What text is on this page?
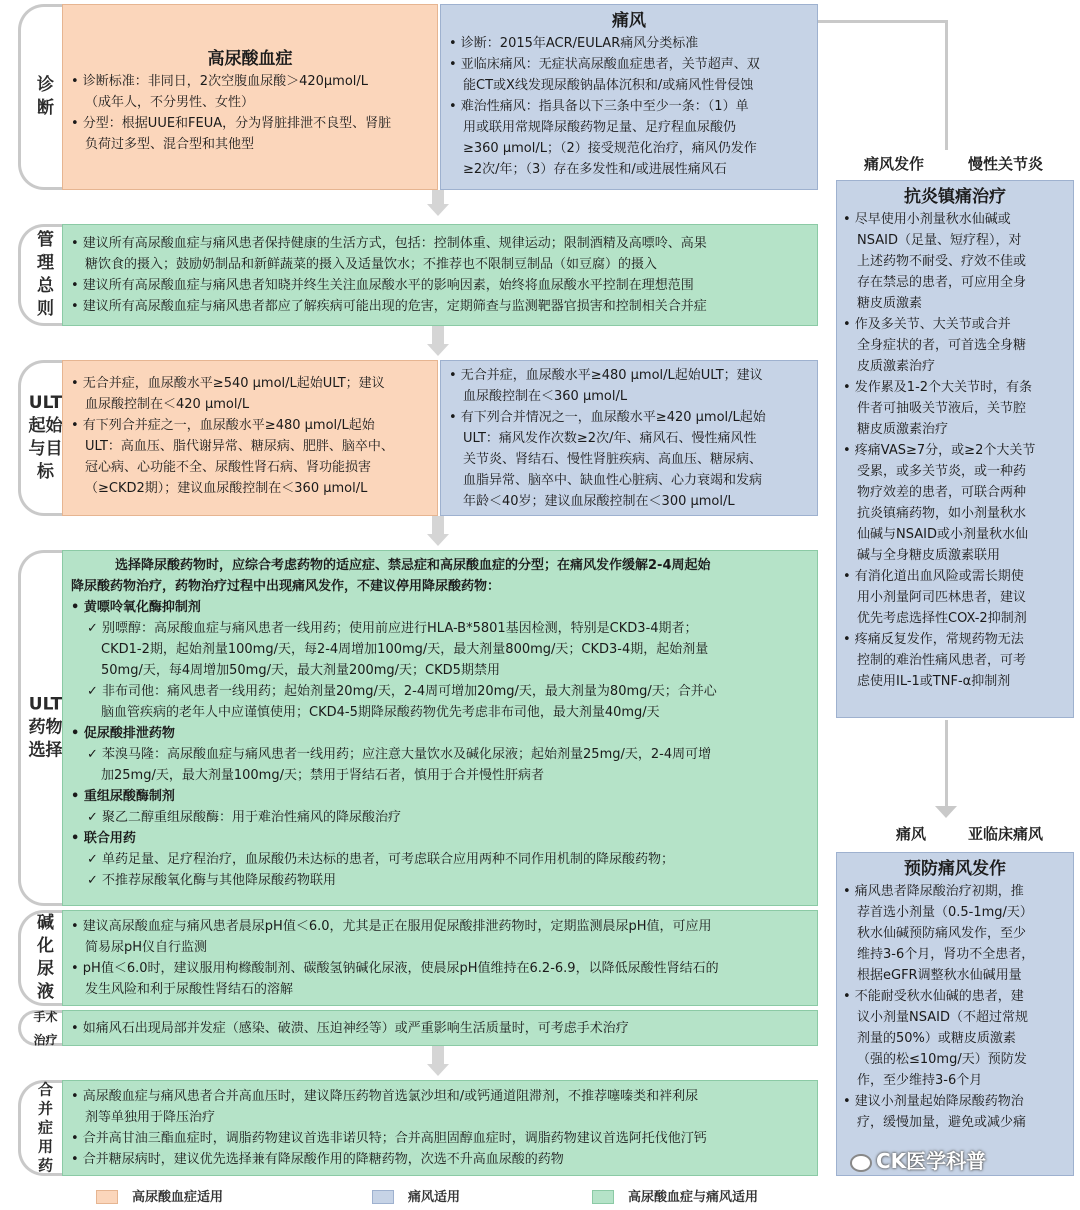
诊断
管理总则
ULT起始与目标
ULT药物选择
碱化尿液
手术治疗
合并症用药
高尿酸血症

• 诊断标准：非同日，2次空腹血尿酸＞420μmol/L

（成年人，不分男性、女性）

• 分型：根据UUE和FEUA，分为肾脏排泄不良型、肾脏

负荷过多型、混合型和其他型

痛风

• 诊断：2015年ACR/EULAR痛风分类标准

• 亚临床痛风：无症状高尿酸血症患者，关节超声、双

能CT或X线发现尿酸钠晶体沉积和/或痛风性骨侵蚀

• 难治性痛风：指具备以下三条中至少一条：（1）单

用或联用常规降尿酸药物足量、足疗程血尿酸仍

≥360 μmol/L；（2）接受规范化治疗，痛风仍发作

≥2次/年；（3）存在多发性和/或进展性痛风石

• 建议所有高尿酸血症与痛风患者保持健康的生活方式，包括：控制体重、规律运动；限制酒精及高嘌呤、高果

糖饮食的摄入；鼓励奶制品和新鲜蔬菜的摄入及适量饮水；不推荐也不限制豆制品（如豆腐）的摄入

• 建议所有高尿酸血症与痛风患者知晓并终生关注血尿酸水平的影响因素，始终将血尿酸水平控制在理想范围

• 建议所有高尿酸血症与痛风患者都应了解疾病可能出现的危害，定期筛查与监测靶器官损害和控制相关合并症

• 无合并症，血尿酸水平≥540 μmol/L起始ULT；建议

血尿酸控制在＜420 μmol/L

• 有下列合并症之一，血尿酸水平≥480 μmol/L起始

ULT：高血压、脂代谢异常、糖尿病、肥胖、脑卒中、

冠心病、心功能不全、尿酸性肾石病、肾功能损害

（≥CKD2期）；建议血尿酸控制在＜360 μmol/L

• 无合并症，血尿酸水平≥480 μmol/L起始ULT；建议

血尿酸控制在＜360 μmol/L

• 有下列合并情况之一，血尿酸水平≥420 μmol/L起始

ULT：痛风发作次数≥2次/年、痛风石、慢性痛风性

关节炎、肾结石、慢性肾脏疾病、高血压、糖尿病、

血脂异常、脑卒中、缺血性心脏病、心力衰竭和发病

年龄＜40岁；建议血尿酸控制在＜300 μmol/L

选择降尿酸药物时，应综合考虑药物的适应症、禁忌症和高尿酸血症的分型；在痛风发作缓解2-4周起始

降尿酸药物治疗，药物治疗过程中出现痛风发作，不建议停用降尿酸药物：

• 黄嘌呤氧化酶抑制剂

✓ 别嘌醇：高尿酸血症与痛风患者一线用药；使用前应进行HLA-B*5801基因检测，特别是CKD3-4期者；

CKD1-2期，起始剂量100mg/天，每2-4周增加100mg/天，最大剂量800mg/天；CKD3-4期，起始剂量

50mg/天，每4周增加50mg/天，最大剂量200mg/天；CKD5期禁用

✓ 非布司他：痛风患者一线用药；起始剂量20mg/天，2-4周可增加20mg/天，最大剂量为80mg/天；合并心

脑血管疾病的老年人中应谨慎使用；CKD4-5期降尿酸药物优先考虑非布司他，最大剂量40mg/天

• 促尿酸排泄药物

✓ 苯溴马隆：高尿酸血症与痛风患者一线用药；应注意大量饮水及碱化尿液；起始剂量25mg/天，2-4周可增

加25mg/天，最大剂量100mg/天；禁用于肾结石者，慎用于合并慢性肝病者

• 重组尿酸酶制剂

✓ 聚乙二醇重组尿酸酶：用于难治性痛风的降尿酸治疗

• 联合用药

✓ 单药足量、足疗程治疗，血尿酸仍未达标的患者，可考虑联合应用两种不同作用机制的降尿酸药物；

✓ 不推荐尿酸氧化酶与其他降尿酸药物联用

• 建议高尿酸血症与痛风患者晨尿pH值＜6.0，尤其是正在服用促尿酸排泄药物时，定期监测晨尿pH值，可应用

简易尿pH仪自行监测

• pH值＜6.0时，建议服用枸橼酸制剂、碳酸氢钠碱化尿液，使晨尿pH值维持在6.2-6.9，以降低尿酸性肾结石的

发生风险和利于尿酸性肾结石的溶解

• 如痛风石出现局部并发症（感染、破溃、压迫神经等）或严重影响生活质量时，可考虑手术治疗

• 高尿酸血症与痛风患者合并高血压时，建议降压药物首选氯沙坦和/或钙通道阻滞剂，不推荐噻嗪类和袢利尿

剂等单独用于降压治疗

• 合并高甘油三酯血症时，调脂药物建议首选非诺贝特；合并高胆固醇血症时，调脂药物建议首选阿托伐他汀钙

• 合并糖尿病时，建议优先选择兼有降尿酸作用的降糖药物，次选不升高血尿酸的药物

痛风发作	慢性关节炎
痛风	亚临床痛风
抗炎镇痛治疗

• 尽早使用小剂量秋水仙碱或

NSAID（足量、短疗程），对

上述药物不耐受、疗效不佳或

存在禁忌的患者，可应用全身

糖皮质激素

• 作及多关节、大关节或合并

全身症状的者，可首选全身糖

皮质激素治疗

• 发作累及1-2个大关节时，有条

件者可抽吸关节液后，关节腔

糖皮质激素治疗

• 疼痛VAS≥7分，或≥2个大关节

受累，或多关节炎，或一种药

物疗效差的患者，可联合两种

抗炎镇痛药物，如小剂量秋水

仙碱与NSAID或小剂量秋水仙

碱与全身糖皮质激素联用

• 有消化道出血风险或需长期使

用小剂量阿司匹林患者，建议

优先考虑选择性COX-2抑制剂

• 疼痛反复发作，常规药物无法

控制的难治性痛风患者，可考

虑使用IL-1或TNF-α抑制剂

预防痛风发作

• 痛风患者降尿酸治疗初期，推

荐首选小剂量（0.5-1mg/天）

秋水仙碱预防痛风发作，至少

维持3-6个月，肾功不全患者，

根据eGFR调整秋水仙碱用量

• 不能耐受秋水仙碱的患者，建

议小剂量NSAID（不超过常规

剂量的50%）或糖皮质激素

（强的松≤10mg/天）预防发

作，至少维持3-6个月

• 建议小剂量起始降尿酸药物治

疗，缓慢加量，避免或减少痛

CK医学科普
高尿酸血症适用	痛风适用	高尿酸血症与痛风适用
